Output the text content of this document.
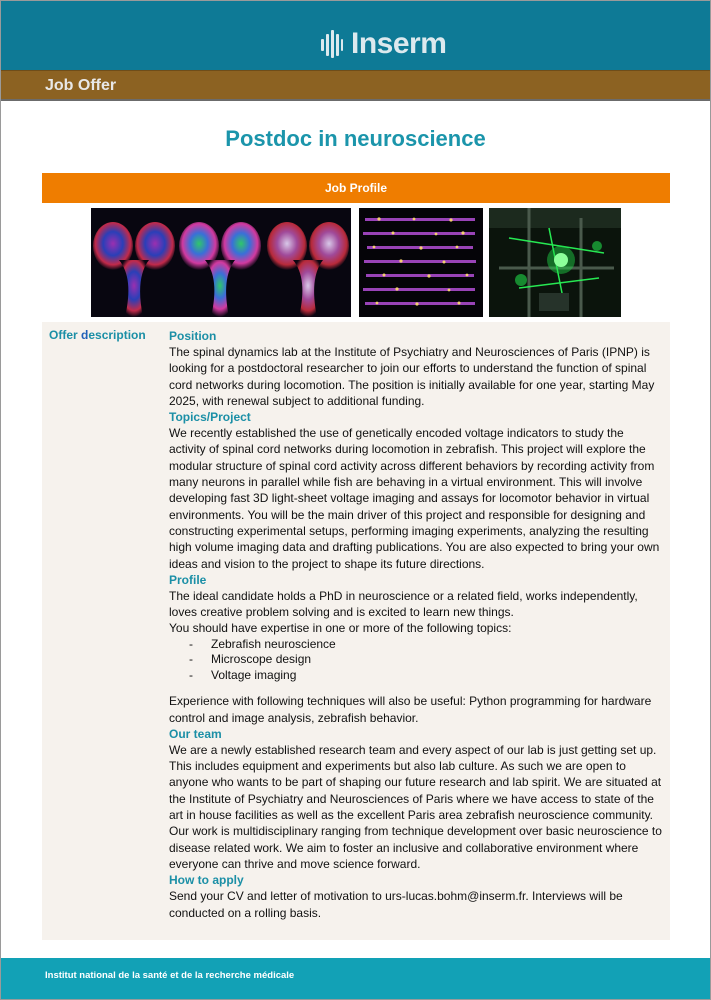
Inserm
Job Offer
Postdoc in neuroscience
Job Profile
Offer description Position

The spinal dynamics lab at the Institute of Psychiatry and Neurosciences of Paris (IPNP) is looking for a postdoctoral researcher to join our efforts to understand the function of spinal cord networks during locomotion. The position is initially available for one year, starting May 2025, with renewal subject to additional funding.

Topics/Project

We recently established the use of genetically encoded voltage indicators to study the activity of spinal cord networks during locomotion in zebrafish. This project will explore the modular structure of spinal cord activity across different behaviors by recording activity from many neurons in parallel while fish are behaving in a virtual environment. This will involve developing fast 3D light-sheet voltage imaging and assays for locomotor behavior in virtual environments. You will be the main driver of this project and responsible for designing and constructing experimental setups, performing imaging experiments, analyzing the resulting high volume imaging data and drafting publications. You are also expected to bring your own ideas and vision to the project to shape its future directions.

Profile

The ideal candidate holds a PhD in neuroscience or a related field, works independently, loves creative problem solving and is excited to learn new things.

You should have expertise in one or more of the following topics:

- Zebrafish neuroscience
- Microscope design
- Voltage imaging

Experience with following techniques will also be useful: Python programming for hardware control and image analysis, zebrafish behavior.

Our team

We are a newly established research team and every aspect of our lab is just getting set up. This includes equipment and experiments but also lab culture. As such we are open to anyone who wants to be part of shaping our future research and lab spirit. We are situated at the Institute of Psychiatry and Neurosciences of Paris where we have access to state of the art in house facilities as well as the excellent Paris area zebrafish neuroscience community. Our work is multidisciplinary ranging from technique development over basic neuroscience to disease related work. We aim to foster an inclusive and collaborative environment where everyone can thrive and move science forward.

How to apply

Send your CV and letter of motivation to urs-lucas.bohm@inserm.fr. Interviews will be conducted on a rolling basis.

Institut national de la santé et de la recherche médicale
